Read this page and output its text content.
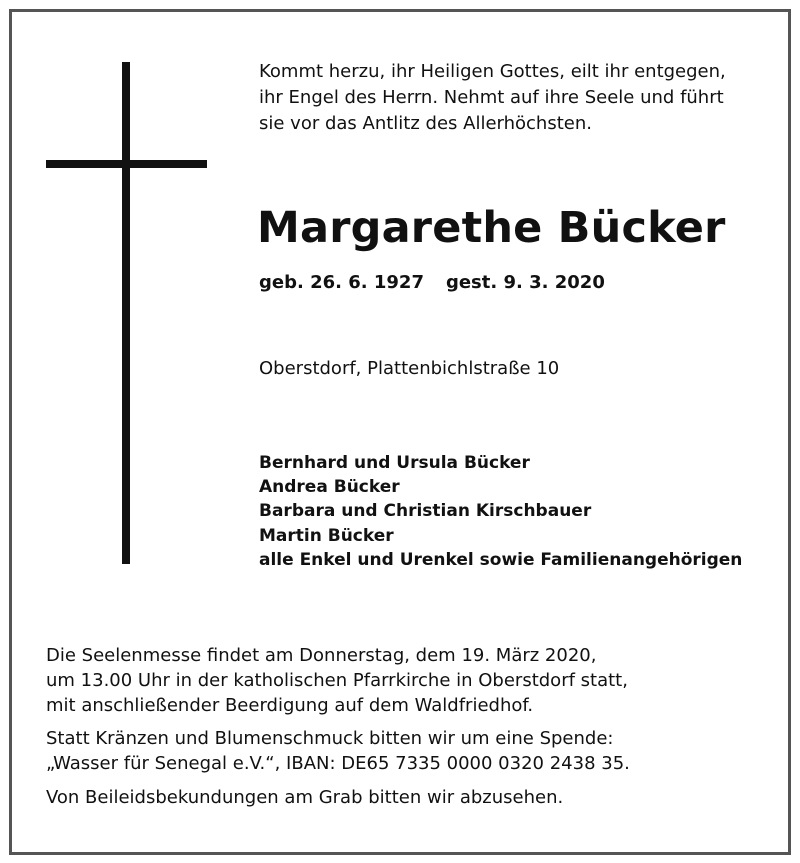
Kommt herzu, ihr Heiligen Gottes, eilt ihr entgegen,
ihr Engel des Herrn. Nehmt auf ihre Seele und führt
sie vor das Antlitz des Allerhöchsten.
Margarethe Bücker
geb. 26. 6. 1927 gest. 9. 3. 2020
Oberstdorf, Plattenbichlstraße 10
Bernhard und Ursula Bücker
Andrea Bücker
Barbara und Christian Kirschbauer
Martin Bücker
alle Enkel und Urenkel sowie Familienangehörigen
Die Seelenmesse findet am Donnerstag, dem 19. März 2020,
um 13.00 Uhr in der katholischen Pfarrkirche in Oberstdorf statt,
mit anschließender Beerdigung auf dem Waldfriedhof.
Statt Kränzen und Blumenschmuck bitten wir um eine Spende:
„Wasser für Senegal e.V.“, IBAN: DE65 7335 0000 0320 2438 35.
Von Beileidsbekundungen am Grab bitten wir abzusehen.
